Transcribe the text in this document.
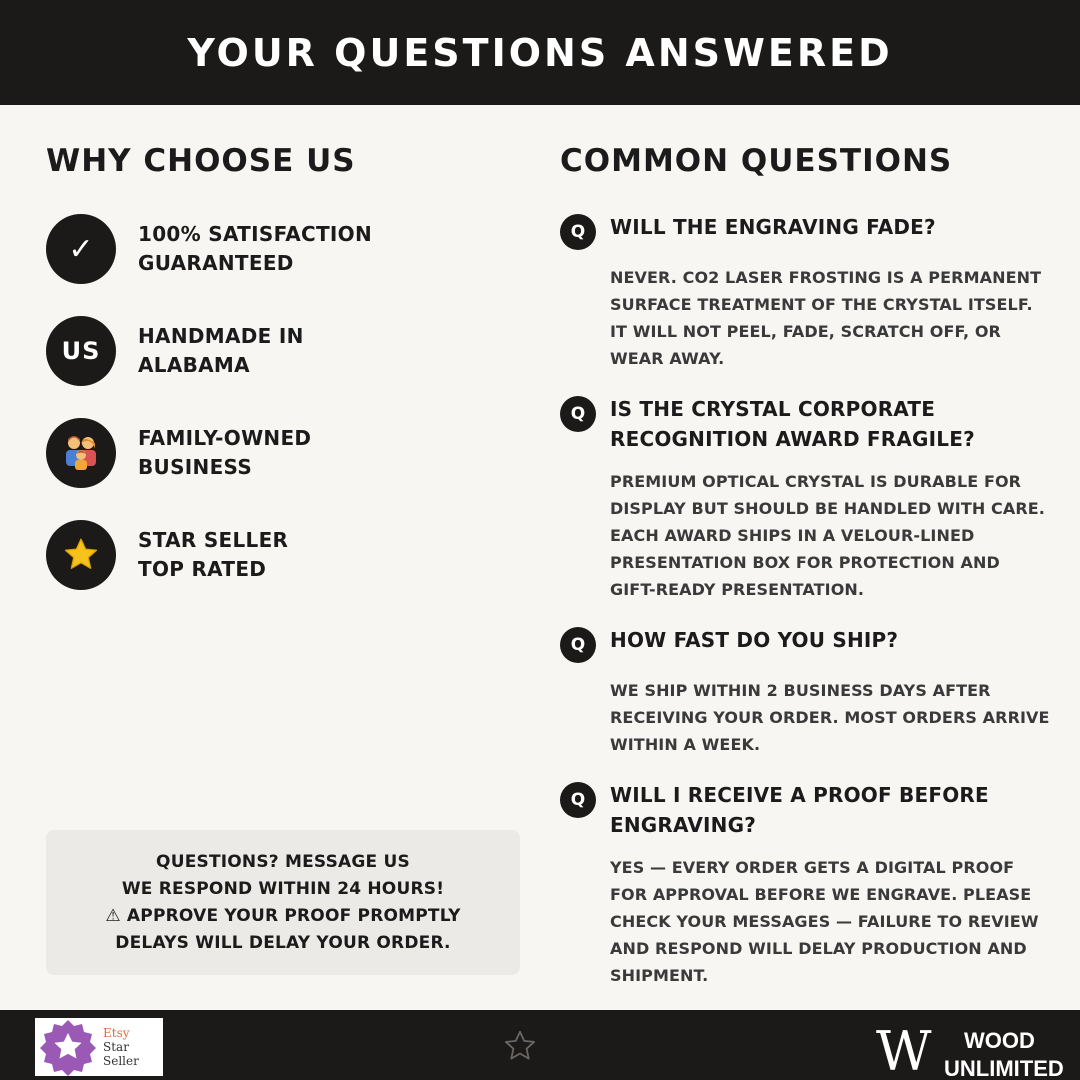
YOUR QUESTIONS ANSWERED
WHY CHOOSE US
✓	100% SATISFACTION
GUARANTEED
US
HANDMADE IN
ALABAMA
FAMILY-OWNED
BUSINESS
STAR SELLER
TOP RATED
QUESTIONS? MESSAGE US
WE RESPOND WITHIN 24 HOURS!
⚠ APPROVE YOUR PROOF PROMPTLY
DELAYS WILL DELAY YOUR ORDER.
COMMON QUESTIONS
Q	WILL THE ENGRAVING FADE?
NEVER. CO2 LASER FROSTING IS A PERMANENT SURFACE TREATMENT OF THE CRYSTAL ITSELF. IT WILL NOT PEEL, FADE, SCRATCH OFF, OR WEAR AWAY.
Q	IS THE CRYSTAL CORPORATE RECOGNITION AWARD FRAGILE?
PREMIUM OPTICAL CRYSTAL IS DURABLE FOR DISPLAY BUT SHOULD BE HANDLED WITH CARE. EACH AWARD SHIPS IN A VELOUR-LINED PRESENTATION BOX FOR PROTECTION AND GIFT-READY PRESENTATION.
Q	HOW FAST DO YOU SHIP?
WE SHIP WITHIN 2 BUSINESS DAYS AFTER RECEIVING YOUR ORDER. MOST ORDERS ARRIVE WITHIN A WEEK.
Q	WILL I RECEIVE A PROOF BEFORE ENGRAVING?
YES — EVERY ORDER GETS A DIGITAL PROOF FOR APPROVAL BEFORE WE ENGRAVE. PLEASE CHECK YOUR MESSAGES — FAILURE TO REVIEW AND RESPOND WILL DELAY PRODUCTION AND SHIPMENT.
Etsy
Star Seller	W WOOD
UNLIMITED
